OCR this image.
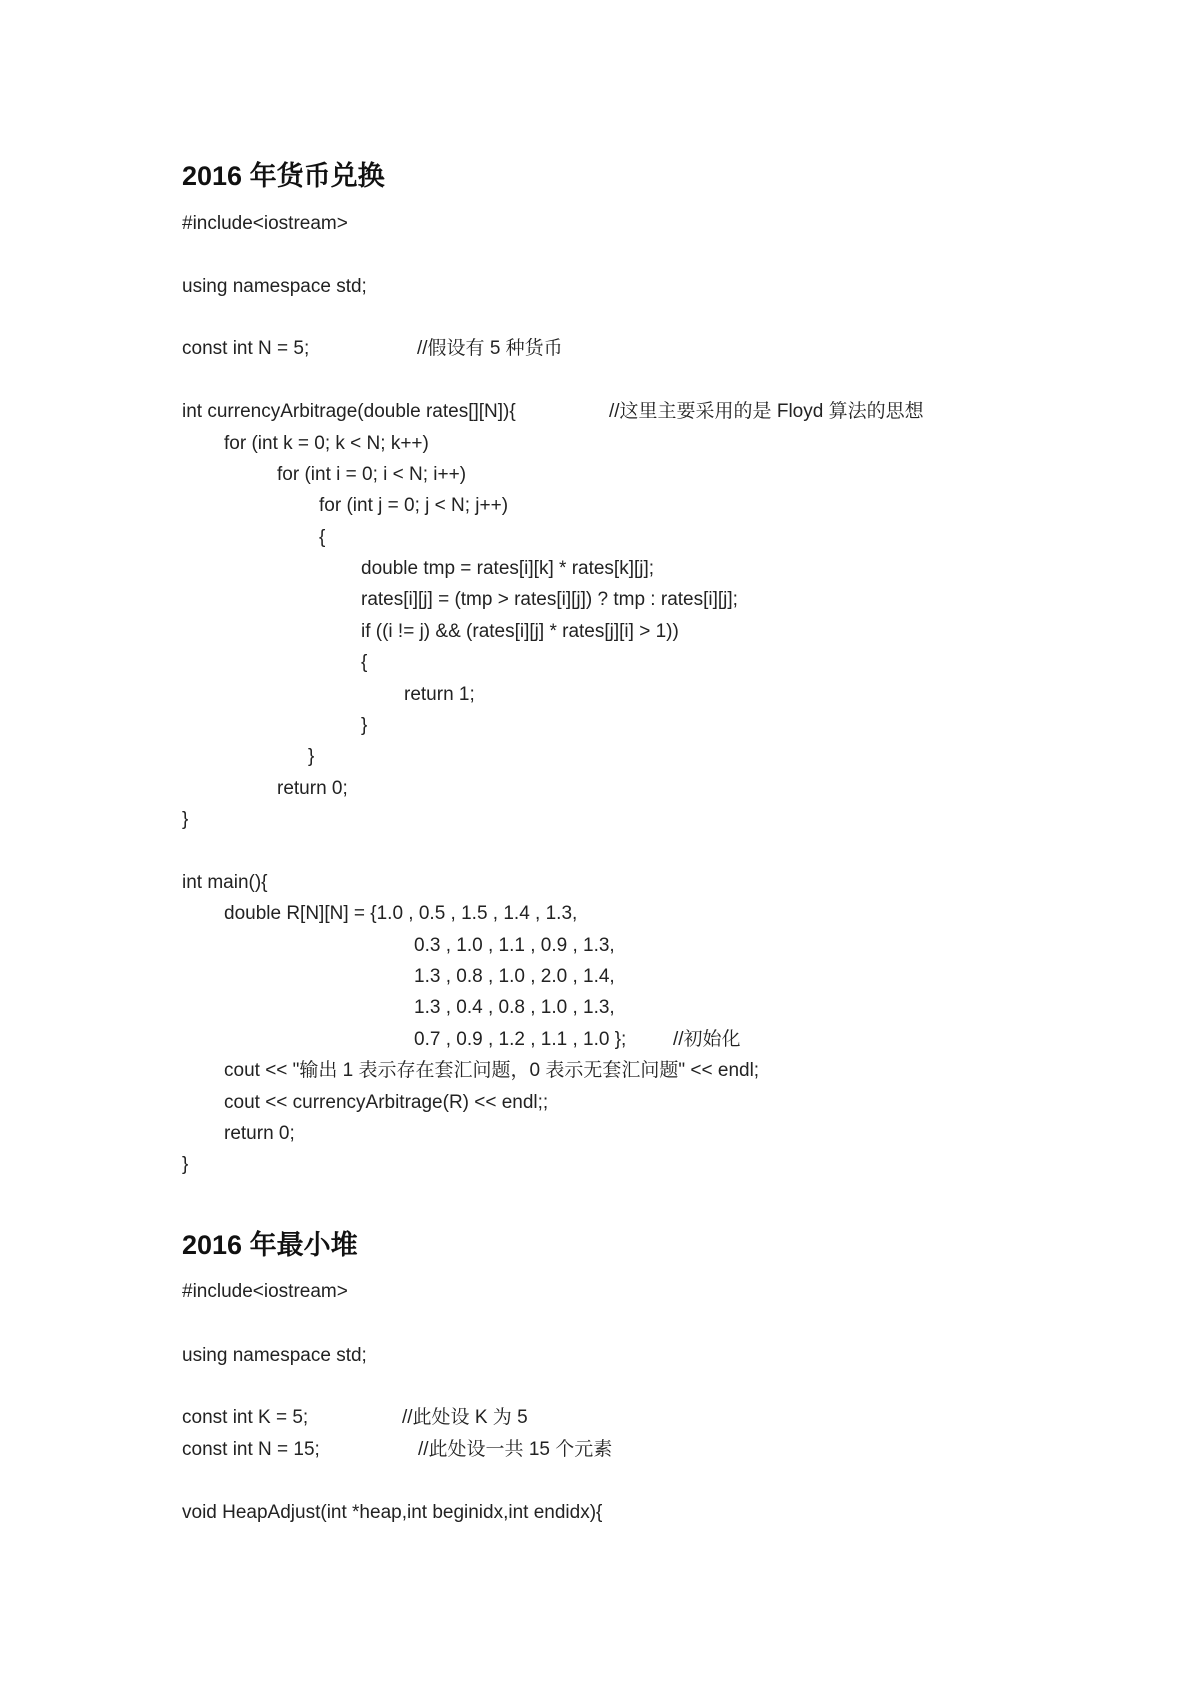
2016 年货币兑换
#include<iostream>
using namespace std;
const int N = 5;	//假设有 5 种货币
int currencyArbitrage(double rates[][N]){	//这里主要采用的是 Floyd 算法的思想
for (int k = 0; k < N; k++)
for (int i = 0; i < N; i++)
for (int j = 0; j < N; j++)
{
double tmp = rates[i][k] * rates[k][j];
rates[i][j] = (tmp > rates[i][j]) ? tmp : rates[i][j];
if ((i != j) && (rates[i][j] * rates[j][i] > 1))
{
return 1;
}
}
return 0;
}
int main(){
double R[N][N] = {1.0 , 0.5 , 1.5 , 1.4 , 1.3,
0.3 , 1.0 , 1.1 , 0.9 , 1.3,
1.3 , 0.8 , 1.0 , 2.0 , 1.4,
1.3 , 0.4 , 0.8 , 1.0 , 1.3,
0.7 , 0.9 , 1.2 , 1.1 , 1.0 }; //初始化
cout << "输出 1 表示存在套汇问题，0 表示无套汇问题" << endl;
cout << currencyArbitrage(R) << endl;;
return 0;
}
2016 年最小堆
#include<iostream>
using namespace std;
const int K = 5;	//此处设 K 为 5
const int N = 15;	//此处设一共 15 个元素
void HeapAdjust(int *heap,int beginidx,int endidx){
